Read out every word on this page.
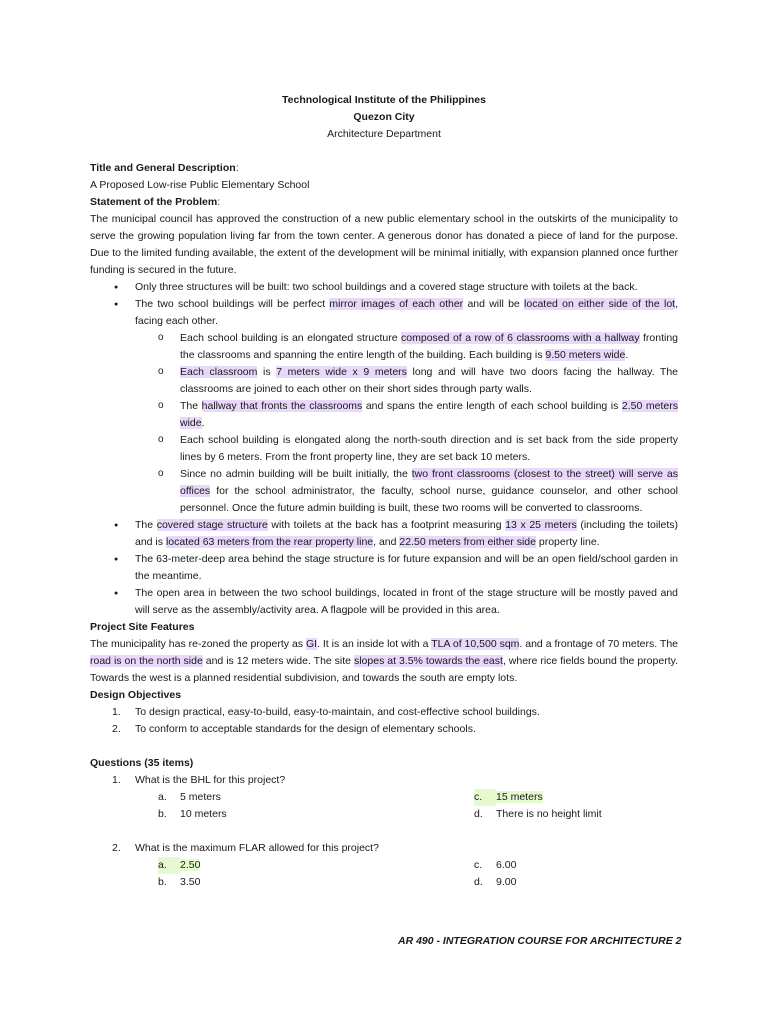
Technological Institute of the Philippines
Quezon City
Architecture Department

Title and General Description:

A Proposed Low-rise Public Elementary School

Statement of the Problem:

The municipal council has approved the construction of a new public elementary school in the outskirts of the municipality to serve the growing population living far from the town center. A generous donor has donated a piece of land for the purpose. Due to the limited funding available, the extent of the development will be minimal initially, with expansion planned once further funding is secured in the future.

● Only three structures will be built: two school buildings and a covered stage structure with toilets at the back.
● The two school buildings will be perfect mirror images of each other and will be located on either side of the lot, facing each other.
o Each school building is an elongated structure composed of a row of 6 classrooms with a hallway fronting the classrooms and spanning the entire length of the building. Each building is 9.50 meters wide.
o Each classroom is 7 meters wide x 9 meters long and will have two doors facing the hallway. The classrooms are joined to each other on their short sides through party walls.
o The hallway that fronts the classrooms and spans the entire length of each school building is 2.50 meters wide.
o Each school building is elongated along the north-south direction and is set back from the side property lines by 6 meters. From the front property line, they are set back 10 meters.
o Since no admin building will be built initially, the two front classrooms (closest to the street) will serve as offices for the school administrator, the faculty, school nurse, guidance counselor, and other school personnel. Once the future admin building is built, these two rooms will be converted to classrooms.
● The covered stage structure with toilets at the back has a footprint measuring 13 x 25 meters (including the toilets) and is located 63 meters from the rear property line, and 22.50 meters from either side property line.
● The 63-meter-deep area behind the stage structure is for future expansion and will be an open field/school garden in the meantime.
● The open area in between the two school buildings, located in front of the stage structure will be mostly paved and will serve as the assembly/activity area. A flagpole will be provided in this area.

Project Site Features

The municipality has re-zoned the property as GI. It is an inside lot with a TLA of 10,500 sqm. and a frontage of 70 meters. The road is on the north side and is 12 meters wide. The site slopes at 3.5% towards the east, where rice fields bound the property. Towards the west is a planned residential subdivision, and towards the south are empty lots.

Design Objectives

1. To design practical, easy-to-build, easy-to-maintain, and cost-effective school buildings.
2. To conform to acceptable standards for the design of elementary schools.

Questions (35 items)

1. What is the BHL for this project?
a. 5 meters	c. 15 meters
b. 10 meters	d. There is no height limit
2. What is the maximum FLAR allowed for this project?
a. 2.50	c. 6.00
b. 3.50	d. 9.00
AR 490 - INTEGRATION COURSE FOR ARCHITECTURE 2
